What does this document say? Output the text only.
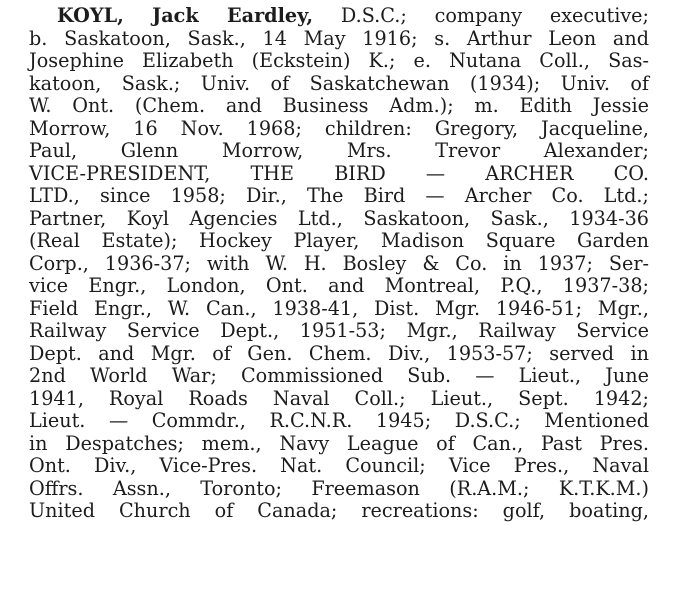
KOYL, Jack Eardley, D.S.C.; company executive;
b. Saskatoon, Sask., 14 May 1916; s. Arthur Leon and
Josephine Elizabeth (Eckstein) K.; e. Nutana Coll., Sas-
katoon, Sask.; Univ. of Saskatchewan (1934); Univ. of
W. Ont. (Chem. and Business Adm.); m. Edith Jessie
Morrow, 16 Nov. 1968; children: Gregory, Jacqueline,
Paul, Glenn Morrow, Mrs. Trevor Alexander;
VICE-PRESIDENT, THE BIRD — ARCHER CO.
LTD., since 1958; Dir., The Bird — Archer Co. Ltd.;
Partner, Koyl Agencies Ltd., Saskatoon, Sask., 1934-36
(Real Estate); Hockey Player, Madison Square Garden
Corp., 1936-37; with W. H. Bosley & Co. in 1937; Ser-
vice Engr., London, Ont. and Montreal, P.Q., 1937-38;
Field Engr., W. Can., 1938-41, Dist. Mgr. 1946-51; Mgr.,
Railway Service Dept., 1951-53; Mgr., Railway Service
Dept. and Mgr. of Gen. Chem. Div., 1953-57; served in
2nd World War; Commissioned Sub. — Lieut., June
1941, Royal Roads Naval Coll.; Lieut., Sept. 1942;
Lieut. — Commdr., R.C.N.R. 1945; D.S.C.; Mentioned
in Despatches; mem., Navy League of Can., Past Pres.
Ont. Div., Vice-Pres. Nat. Council; Vice Pres., Naval
Offrs. Assn., Toronto; Freemason (R.A.M.; K.T.K.M.)
United Church of Canada; recreations: golf, boating,
